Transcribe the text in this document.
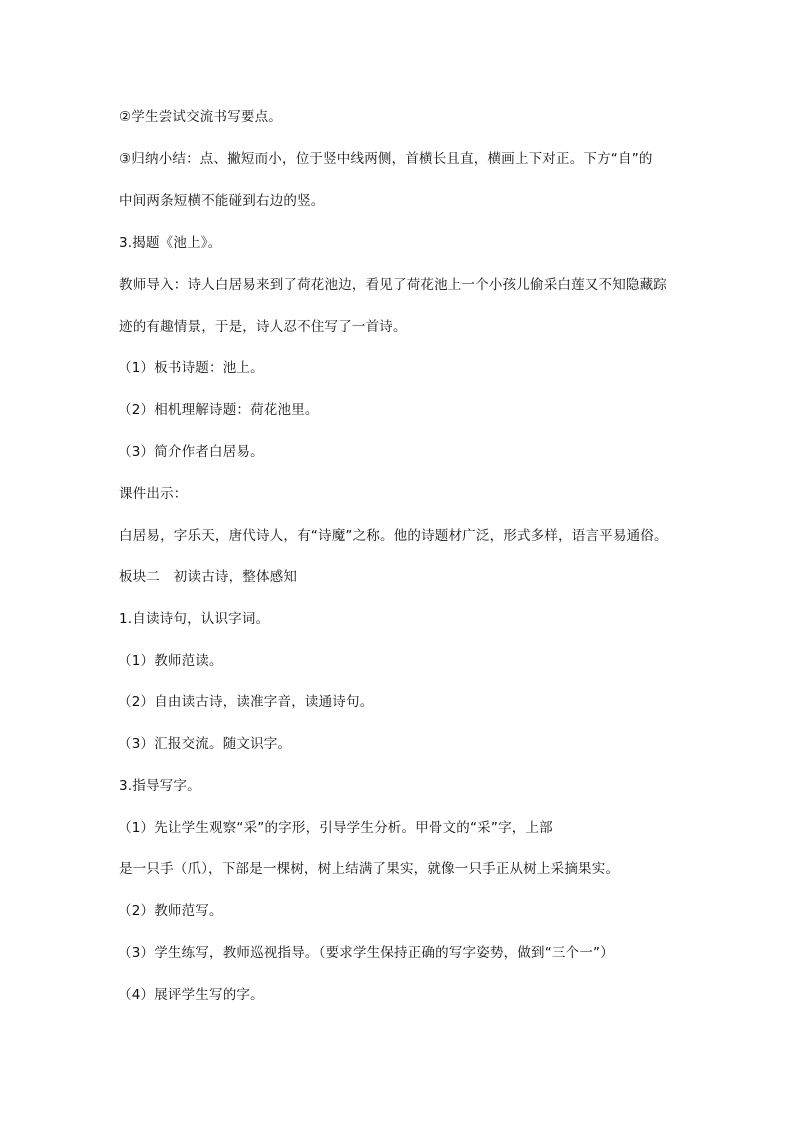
②学生尝试交流书写要点。
③归纳小结：点、撇短而小，位于竖中线两侧，首横长且直，横画上下对正。下方“自”的
中间两条短横不能碰到右边的竖。
3.揭题《池上》。
教师导入：诗人白居易来到了荷花池边，看见了荷花池上一个小孩儿偷采白莲又不知隐藏踪
迹的有趣情景，于是，诗人忍不住写了一首诗。
（1）板书诗题：池上。
（2）相机理解诗题：荷花池里。
（3）简介作者白居易。
课件出示：
白居易，字乐天，唐代诗人，有“诗魔”之称。他的诗题材广泛，形式多样，语言平易通俗。
板块二　初读古诗，整体感知
1.自读诗句，认识字词。
（1）教师范读。
（2）自由读古诗，读准字音，读通诗句。
（3）汇报交流。随文识字。
3.指导写字。
（1）先让学生观察“采”的字形，引导学生分析。甲骨文的“采”字，上部
是一只手（爪），下部是一棵树，树上结满了果实，就像一只手正从树上采摘果实。
（2）教师范写。
（3）学生练写，教师巡视指导。（要求学生保持正确的写字姿势，做到“三个一”）
（4）展评学生写的字。
